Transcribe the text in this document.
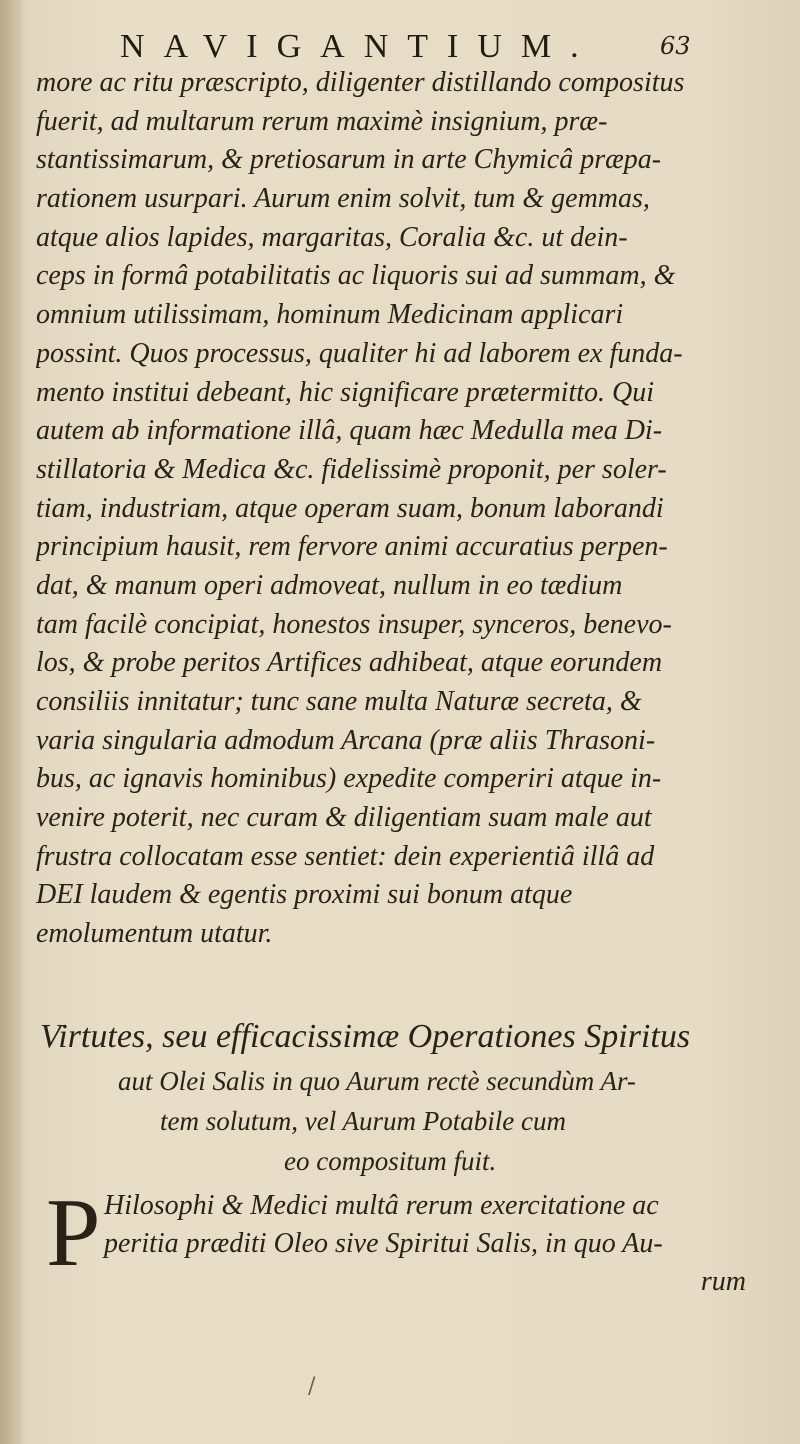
NAVIGANTIUM.	63
more ac ritu præscripto, diligenter distillando compositus
fuerit, ad multarum rerum maximè insignium, præ-
stantissimarum, & pretiosarum in arte Chymicâ præpa-
rationem usurpari. Aurum enim solvit, tum & gemmas,
atque alios lapides, margaritas, Coralia &c. ut dein-
ceps in formâ potabilitatis ac liquoris sui ad summam, &
omnium utilissimam, hominum Medicinam applicari
possint. Quos processus, qualiter hi ad laborem ex funda-
mento institui debeant, hic significare prætermitto. Qui
autem ab informatione illâ, quam hæc Medulla mea Di-
stillatoria & Medica &c. fidelissimè proponit, per soler-
tiam, industriam, atque operam suam, bonum laborandi
principium hausit, rem fervore animi accuratius perpen-
dat, & manum operi admoveat, nullum in eo tædium
tam facilè concipiat, honestos insuper, synceros, benevo-
los, & probe peritos Artifices adhibeat, atque eorundem
consiliis innitatur; tunc sane multa Naturæ secreta, &
varia singularia admodum Arcana (præ aliis Thrasoni-
bus, ac ignavis hominibus) expedite comperiri atque in-
venire poterit, nec curam & diligentiam suam male aut
frustra collocatam esse sentiet: dein experientiâ illâ ad
DEI laudem & egentis proximi sui bonum atque
emolumentum utatur.
Virtutes, seu efficacissimæ Operationes Spiritus
aut Olei Salis in quo Aurum rectè secundùm Ar-
tem solutum, vel Aurum Potabile cum
eo compositum fuit.
P Hilosophi & Medici multâ rerum exercitatione ac
peritia præditi Oleo sive Spiritui Salis, in quo Au-
rum
/
